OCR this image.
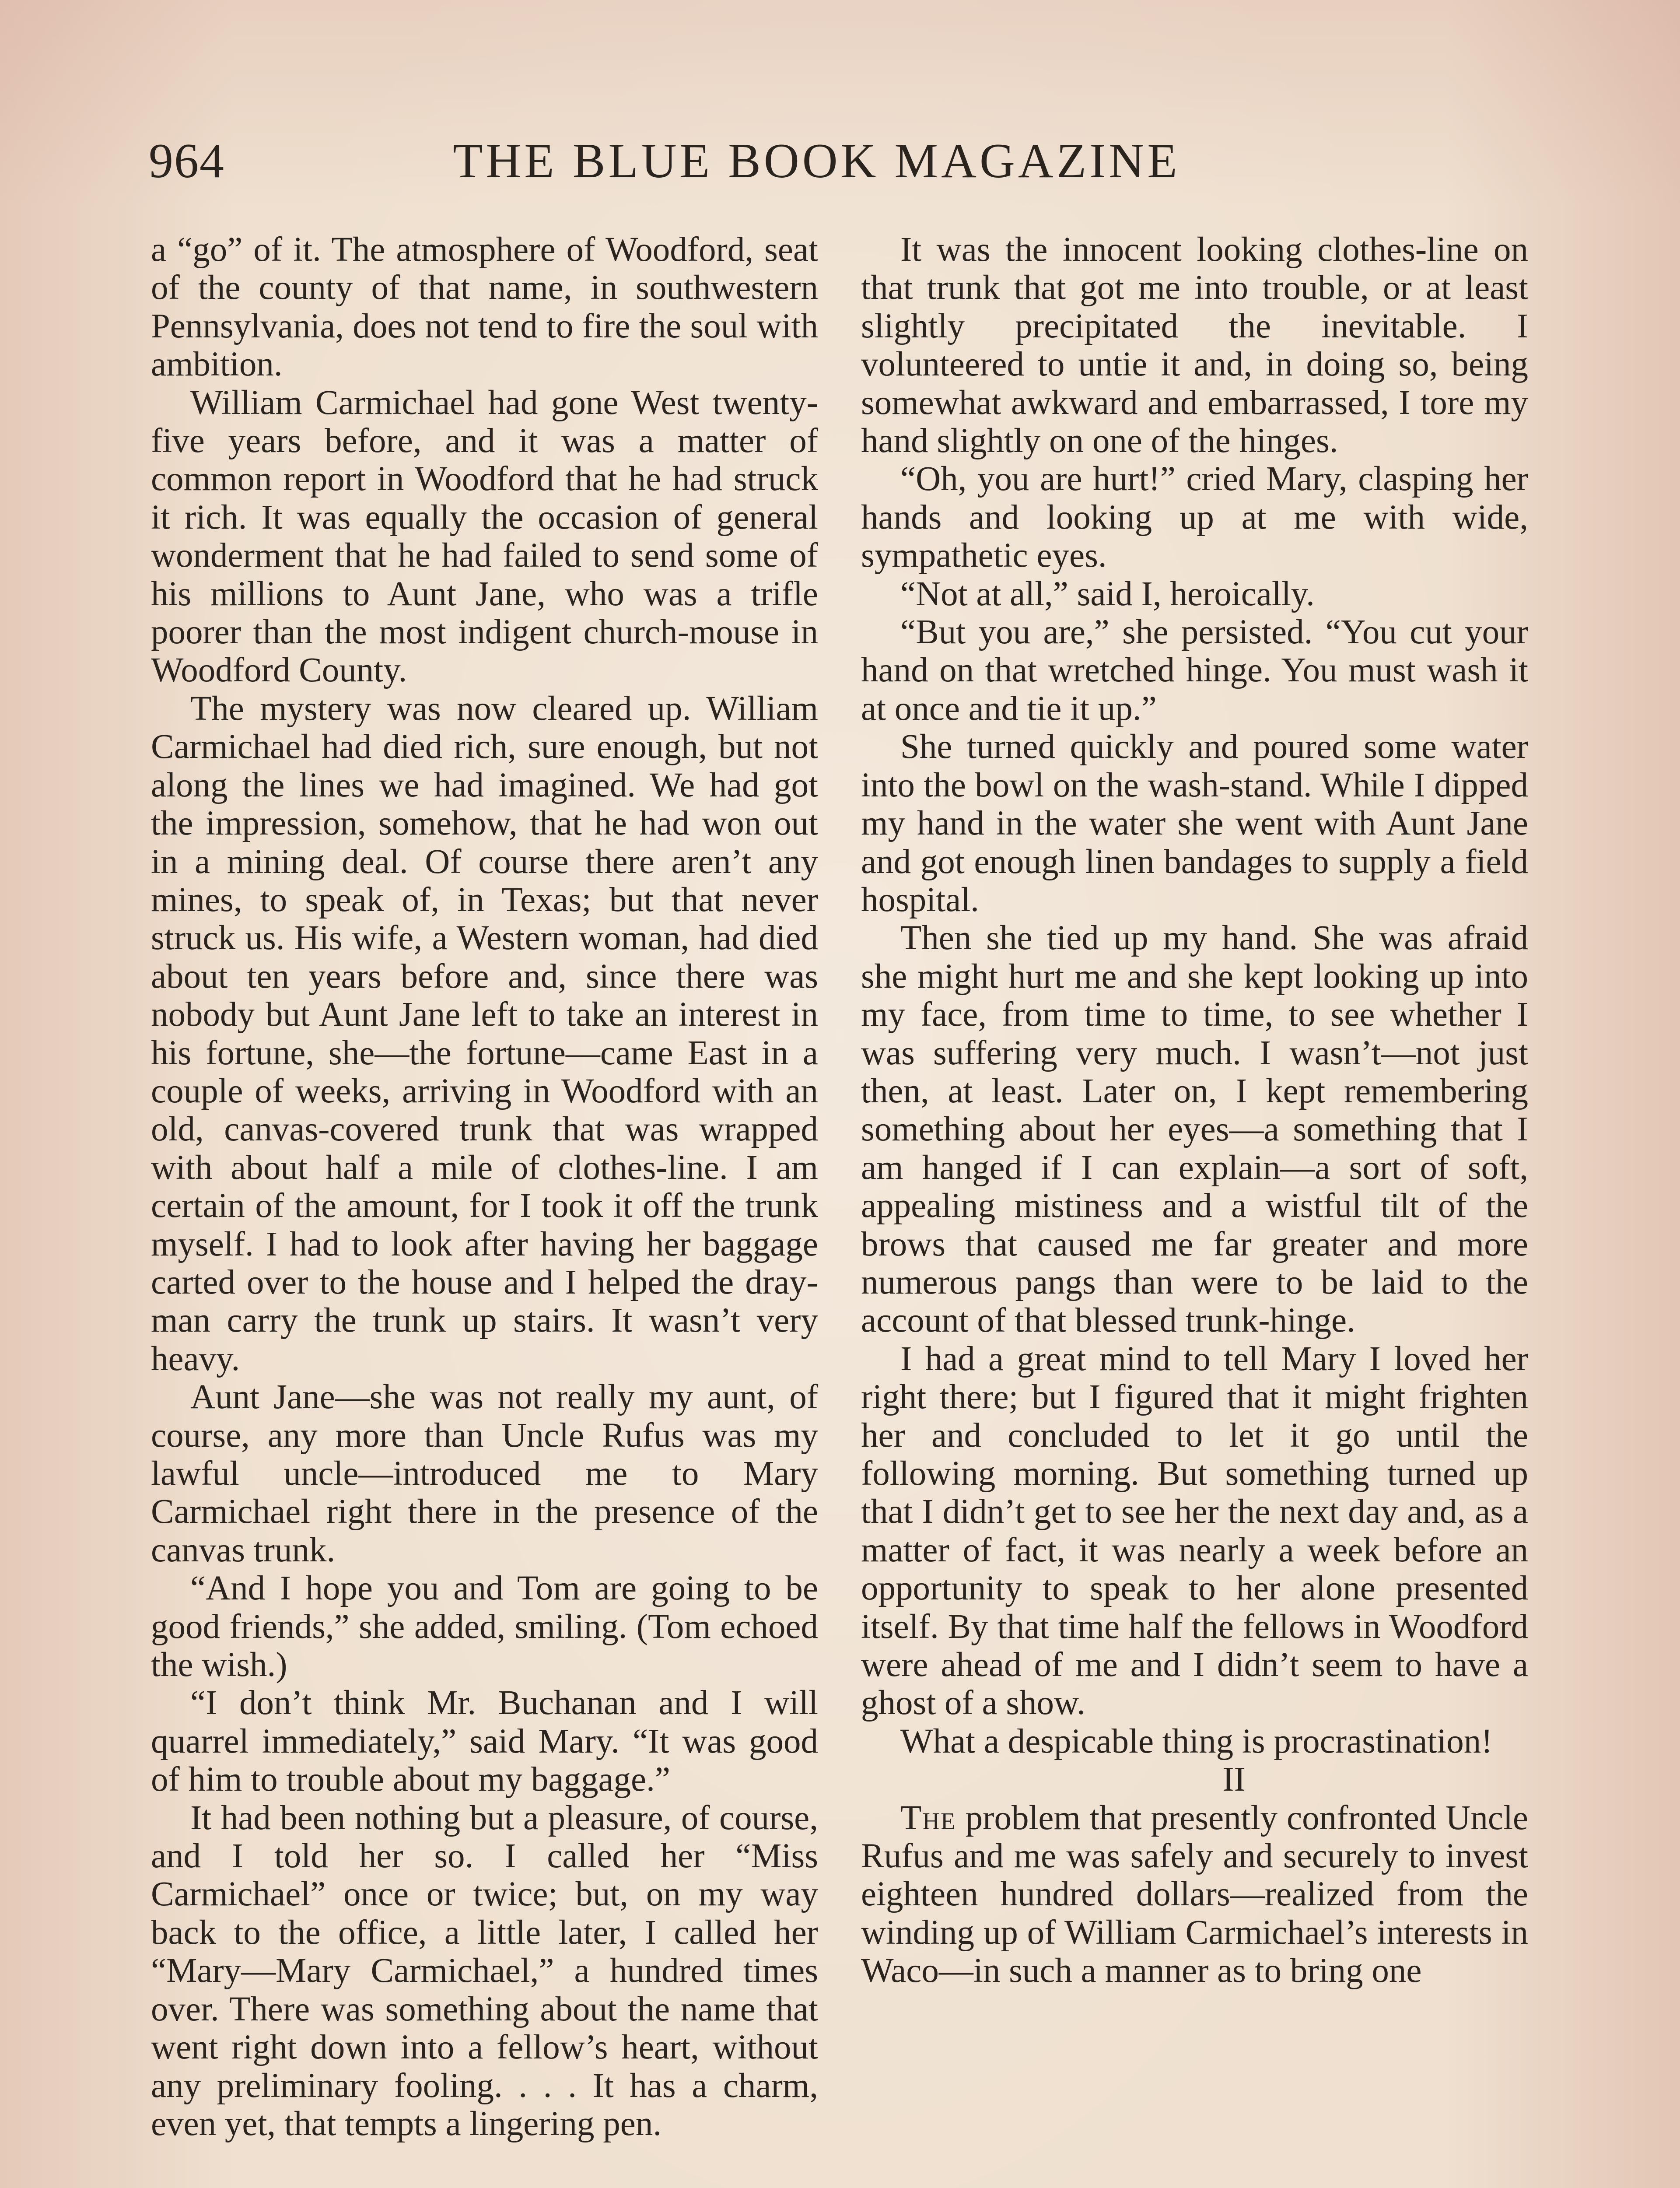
964	THE BLUE BOOK MAGAZINE

a “go” of it. The atmosphere of Woodford, seat of the county of that name, in southwestern Pennsylvania, does not tend to fire the soul with ambition.

William Carmichael had gone West twenty-five years before, and it was a matter of common report in Woodford that he had struck it rich. It was equally the occasion of general wonderment that he had failed to send some of his millions to Aunt Jane, who was a trifle poorer than the most indigent church-mouse in Woodford County.

The mystery was now cleared up. William Carmichael had died rich, sure enough, but not along the lines we had imagined. We had got the impression, somehow, that he had won out in a mining deal. Of course there aren’t any mines, to speak of, in Texas; but that never struck us. His wife, a Western woman, had died about ten years before and, since there was nobody but Aunt Jane left to take an interest in his fortune, she—the fortune—came East in a couple of weeks, arriving in Woodford with an old, canvas-covered trunk that was wrapped with about half a mile of clothes-line. I am certain of the amount, for I took it off the trunk myself. I had to look after having her baggage carted over to the house and I helped the dray-man carry the trunk up stairs. It wasn’t very heavy.

Aunt Jane—she was not really my aunt, of course, any more than Uncle Rufus was my lawful uncle—introduced me to Mary Carmichael right there in the presence of the canvas trunk.

“And I hope you and Tom are going to be good friends,” she added, smiling. (Tom echoed the wish.)

“I don’t think Mr. Buchanan and I will quarrel immediately,” said Mary. “It was good of him to trouble about my baggage.”

It had been nothing but a pleasure, of course, and I told her so. I called her “Miss Carmichael” once or twice; but, on my way back to the office, a little later, I called her “Mary—Mary Carmichael,” a hundred times over. There was something about the name that went right down into a fellow’s heart, without any preliminary fooling. . . . It has a charm, even yet, that tempts a lingering pen.

It was the innocent looking clothes-line on that trunk that got me into trouble, or at least slightly precipitated the inevitable. I volunteered to untie it and, in doing so, being somewhat awkward and embarrassed, I tore my hand slightly on one of the hinges.

“Oh, you are hurt!” cried Mary, clasping her hands and looking up at me with wide, sympathetic eyes.

“Not at all,” said I, heroically.

“But you are,” she persisted. “You cut your hand on that wretched hinge. You must wash it at once and tie it up.”

She turned quickly and poured some water into the bowl on the wash-stand. While I dipped my hand in the water she went with Aunt Jane and got enough linen bandages to supply a field hospital.

Then she tied up my hand. She was afraid she might hurt me and she kept looking up into my face, from time to time, to see whether I was suffering very much. I wasn’t—not just then, at least. Later on, I kept remembering something about her eyes—a something that I am hanged if I can explain—a sort of soft, appealing mistiness and a wistful tilt of the brows that caused me far greater and more numerous pangs than were to be laid to the account of that blessed trunk-hinge.

I had a great mind to tell Mary I loved her right there; but I figured that it might frighten her and concluded to let it go until the following morning. But something turned up that I didn’t get to see her the next day and, as a matter of fact, it was nearly a week before an opportunity to speak to her alone presented itself. By that time half the fellows in Woodford were ahead of me and I didn’t seem to have a ghost of a show.

What a despicable thing is procrastination!

II

The problem that presently confronted Uncle Rufus and me was safely and securely to invest eighteen hundred dollars—realized from the winding up of William Carmichael’s interests in Waco—in such a manner as to bring one
